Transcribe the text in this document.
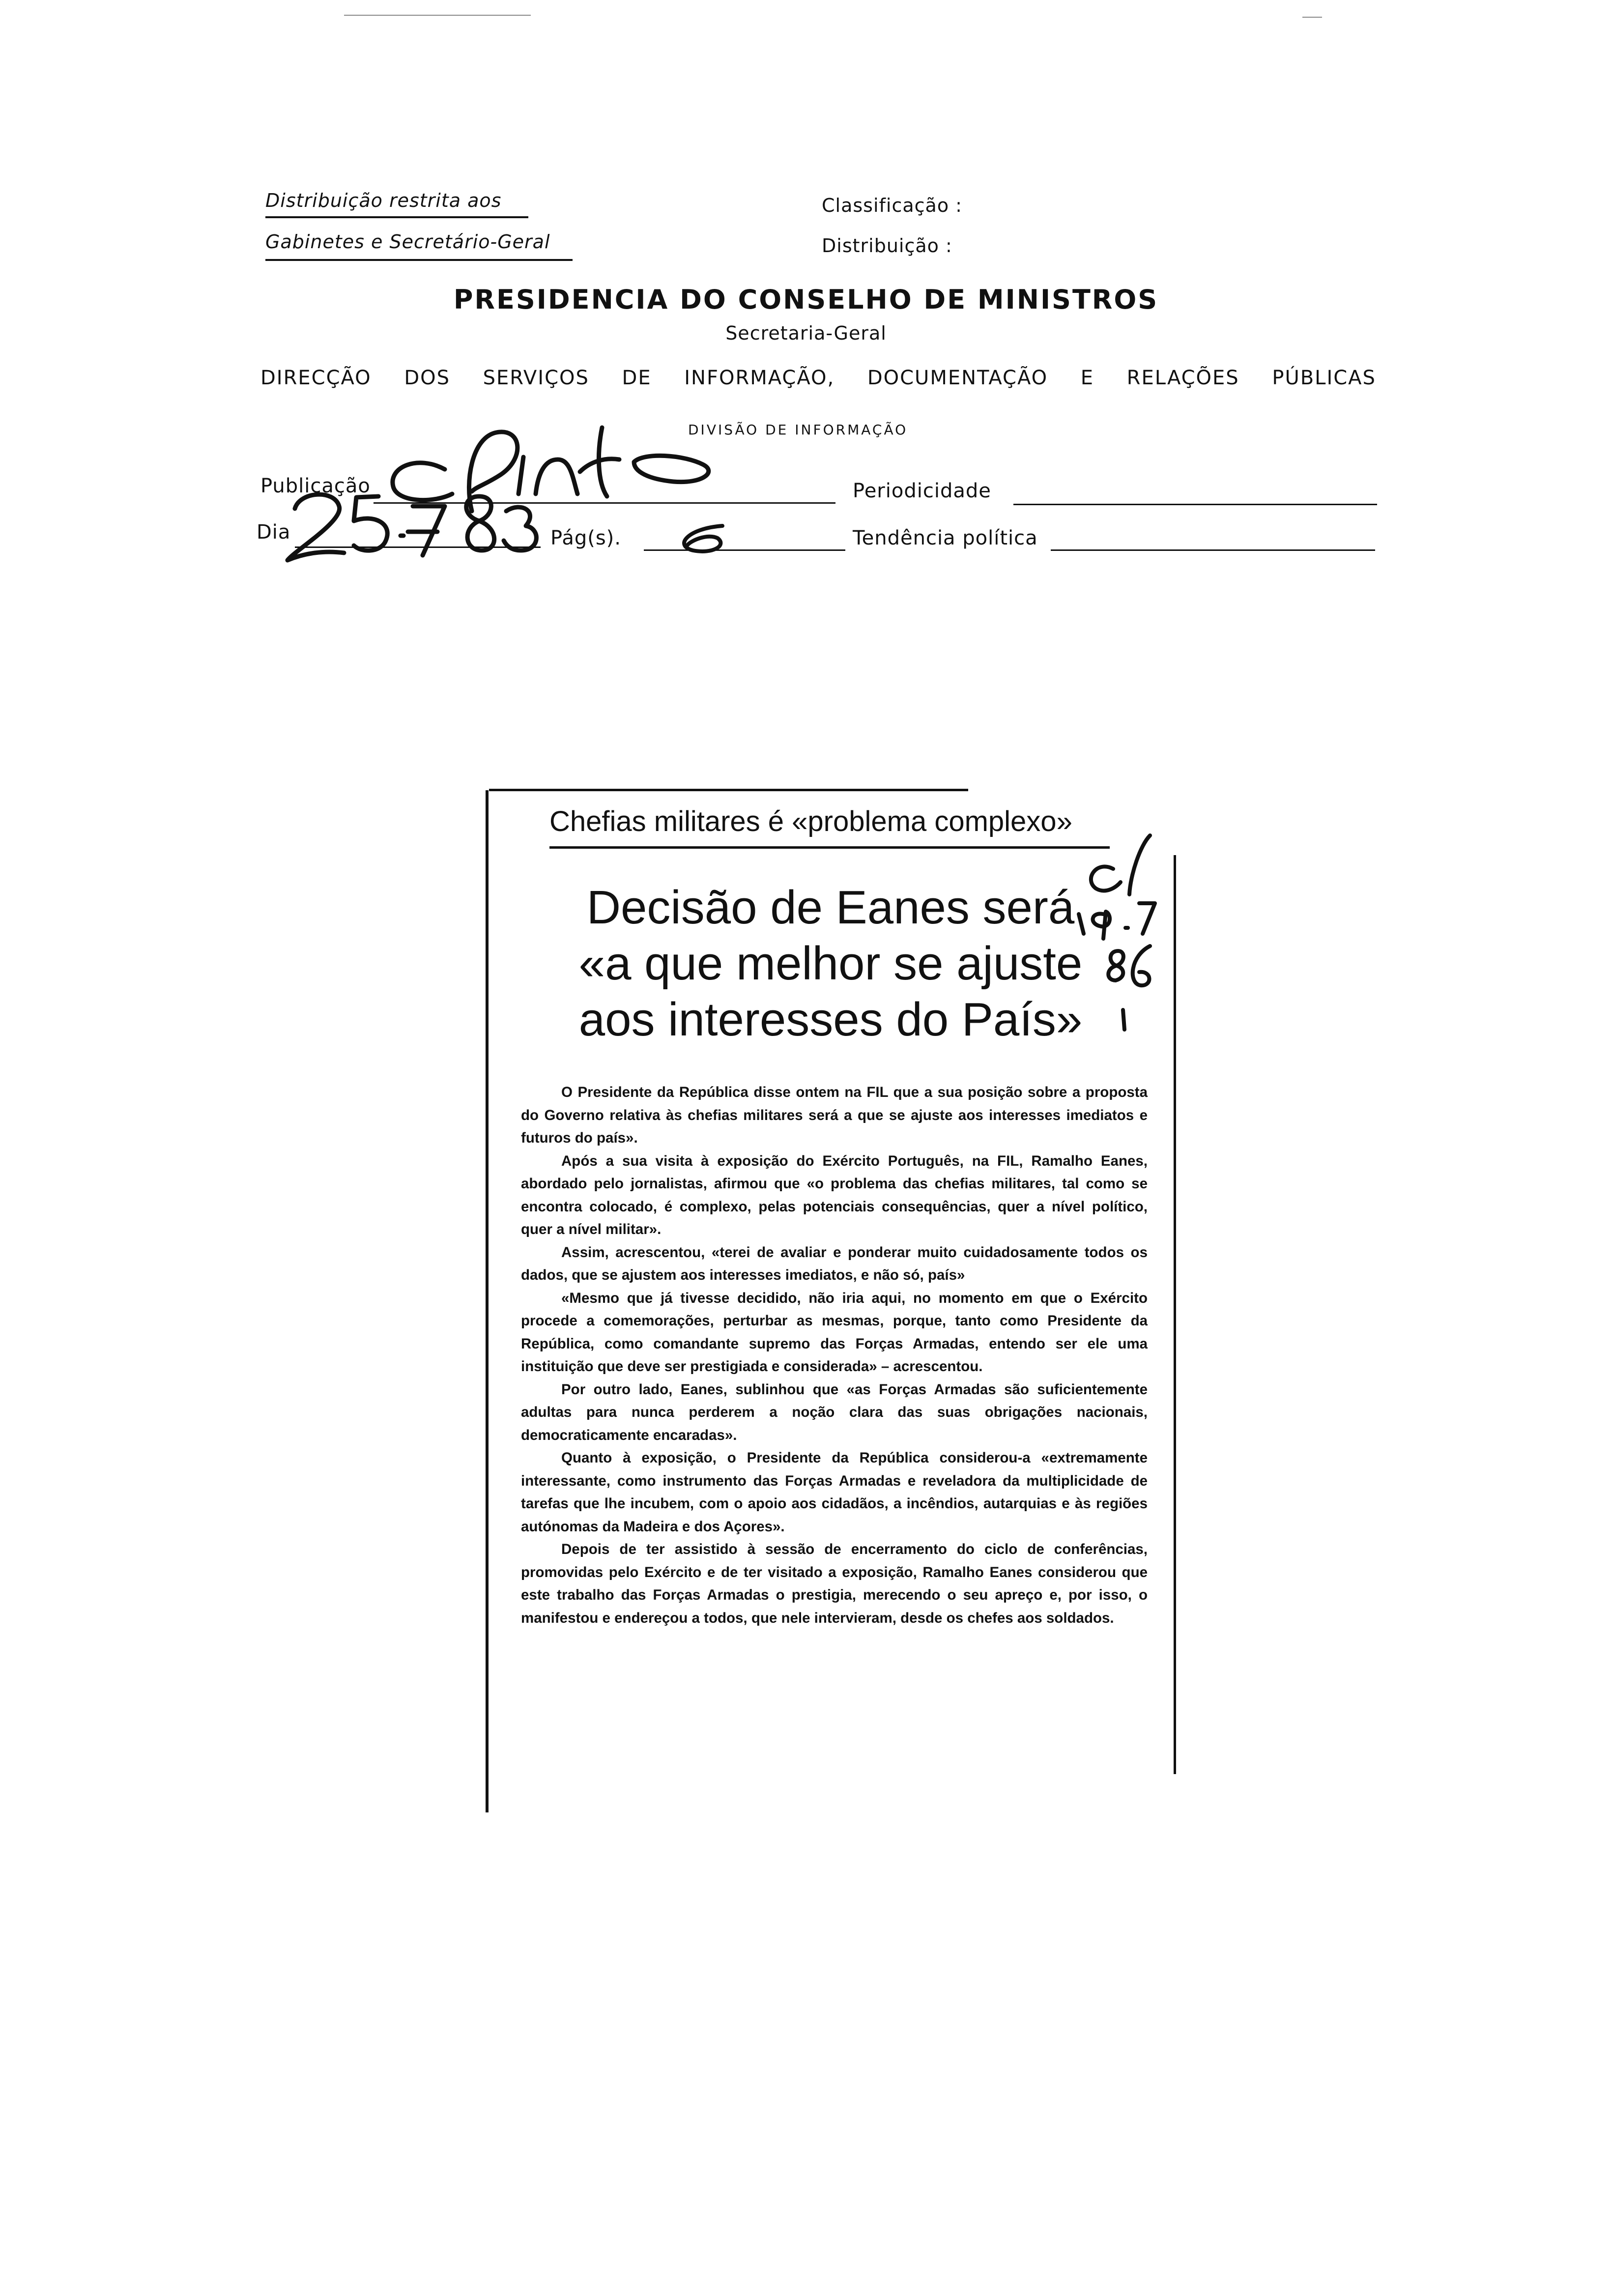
Distribuição restrita aos
Gabinetes e Secretário-Geral
Classificação :
Distribuição :
PRESIDENCIA DO CONSELHO DE MINISTROS
Secretaria-Geral
DIRECÇÃO DOS SERVIÇOS DE INFORMAÇÃO, DOCUMENTAÇÃO E RELAÇÕES PÚBLICAS
DIVISÃO DE INFORMAÇÃO
Publicação	Periodicidade
Dia	Pág(s).	Tendência política
Chefias militares é «problema complexo»
Decisão de Eanes será
«a que melhor se ajuste
aos interesses do País»

O Presidente da República disse ontem na FIL que a sua posição sobre a proposta do Governo relativa às chefias militares será a que se ajuste aos interesses imediatos e futuros do país».

Após a sua visita à exposição do Exército Português, na FIL, Ramalho Eanes, abordado pelo jornalistas, afirmou que «o problema das chefias militares, tal como se encontra colocado, é complexo, pelas potenciais consequências, quer a nível político, quer a nível militar».

Assim, acrescentou, «terei de avaliar e ponderar muito cuidadosamente todos os dados, que se ajustem aos interesses imediatos, e não só, país»

«Mesmo que já tivesse decidido, não iria aqui, no momento em que o Exército procede a comemorações, perturbar as mesmas, porque, tanto como Presidente da República, como comandante supremo das Forças Armadas, entendo ser ele uma instituição que deve ser prestigiada e considerada» – acrescentou.

Por outro lado, Eanes, sublinhou que «as Forças Armadas são suficientemente adultas para nunca perderem a noção clara das suas obrigações nacionais, democraticamente encaradas».

Quanto à exposição, o Presidente da República considerou-a «extremamente interessante, como instrumento das Forças Armadas e reveladora da multiplicidade de tarefas que lhe incubem, com o apoio aos cidadãos, a incêndios, autarquias e às regiões autónomas da Madeira e dos Açores».

Depois de ter assistido à sessão de encerramento do ciclo de conferências, promovidas pelo Exército e de ter visitado a exposição, Ramalho Eanes considerou que este trabalho das Forças Armadas o prestigia, merecendo o seu apreço e, por isso, o manifestou e endereçou a todos, que nele intervieram, desde os chefes aos soldados.
